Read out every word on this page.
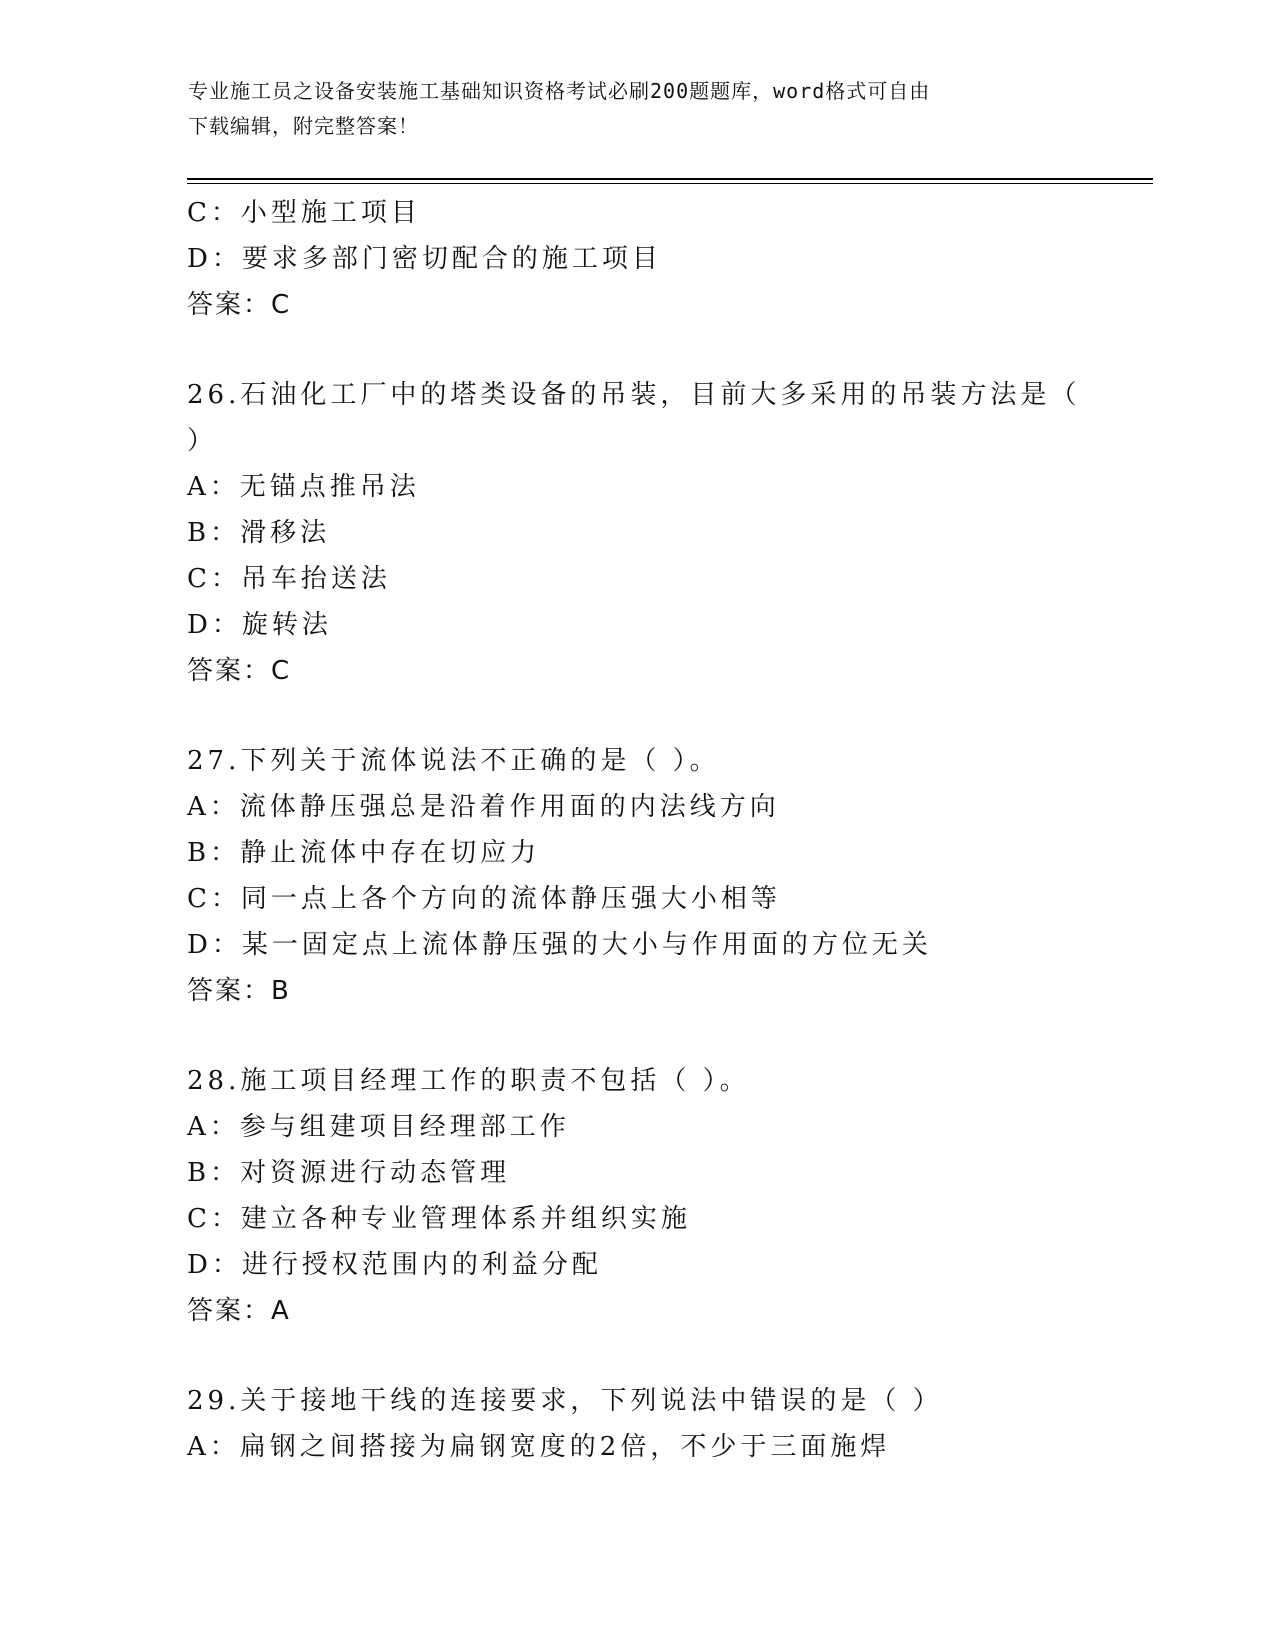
专业施工员之设备安装施工基础知识资格考试必刷200题题库，word格式可自由
下载编辑，附完整答案！
C：小型施工项目
D：要求多部门密切配合的施工项目
答案：C
26.石油化工厂中的塔类设备的吊装，目前大多采用的吊装方法是（
）
A：无锚点推吊法
B：滑移法
C：吊车抬送法
D：旋转法
答案：C
27.下列关于流体说法不正确的是（ ）。
A：流体静压强总是沿着作用面的内法线方向
B：静止流体中存在切应力
C：同一点上各个方向的流体静压强大小相等
D：某一固定点上流体静压强的大小与作用面的方位无关
答案：B
28.施工项目经理工作的职责不包括（ ）。
A：参与组建项目经理部工作
B：对资源进行动态管理
C：建立各种专业管理体系并组织实施
D：进行授权范围内的利益分配
答案：A
29.关于接地干线的连接要求，下列说法中错误的是（ ）
A：扁钢之间搭接为扁钢宽度的2倍，不少于三面施焊
